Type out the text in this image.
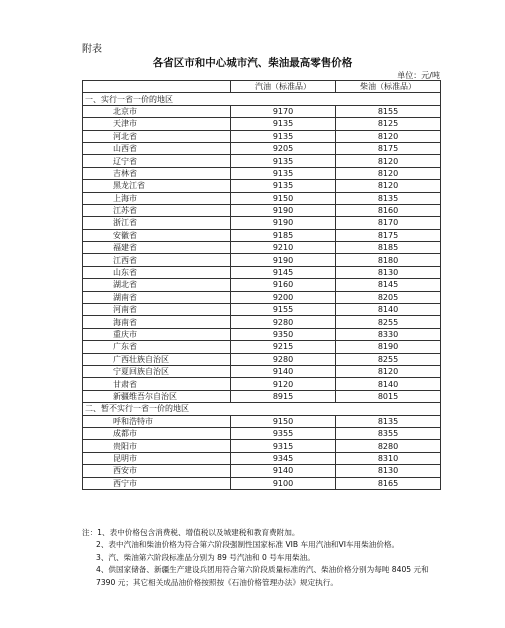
附表
各省区市和中心城市汽、柴油最高零售价格
单位：元/吨
	汽油（标准品）	柴油（标准品）
一、实行一省一价的地区		
北京市	9170	8155
天津市	9135	8125
河北省	9135	8120
山西省	9205	8175
辽宁省	9135	8120
吉林省	9135	8120
黑龙江省	9135	8120
上海市	9150	8135
江苏省	9190	8160
浙江省	9190	8170
安徽省	9185	8175
福建省	9210	8185
江西省	9190	8180
山东省	9145	8130
湖北省	9160	8145
湖南省	9200	8205
河南省	9155	8140
海南省	9280	8255
重庆市	9350	8330
广东省	9215	8190
广西壮族自治区	9280	8255
宁夏回族自治区	9140	8120
甘肃省	9120	8140
新疆维吾尔自治区	8915	8015
二、暂不实行一省一价的地区		
呼和浩特市	9150	8135
成都市	9355	8355
贵阳市	9315	8280
昆明市	9345	8310
西安市	9140	8130
西宁市	9100	8165

注：1、表中价格包含消费税、增值税以及城建税和教育费附加。

2、表中汽油和柴油价格为符合第六阶段强制性国家标准 VIB 车用汽油和VI车用柴油价格。

3、汽、柴油第六阶段标准品分别为 89 号汽油和 0 号车用柴油。

4、供国家储备、新疆生产建设兵团用符合第六阶段质量标准的汽、柴油价格分别为每吨 8405 元和 7390 元；其它相关成品油价格按照按《石油价格管理办法》规定执行。
